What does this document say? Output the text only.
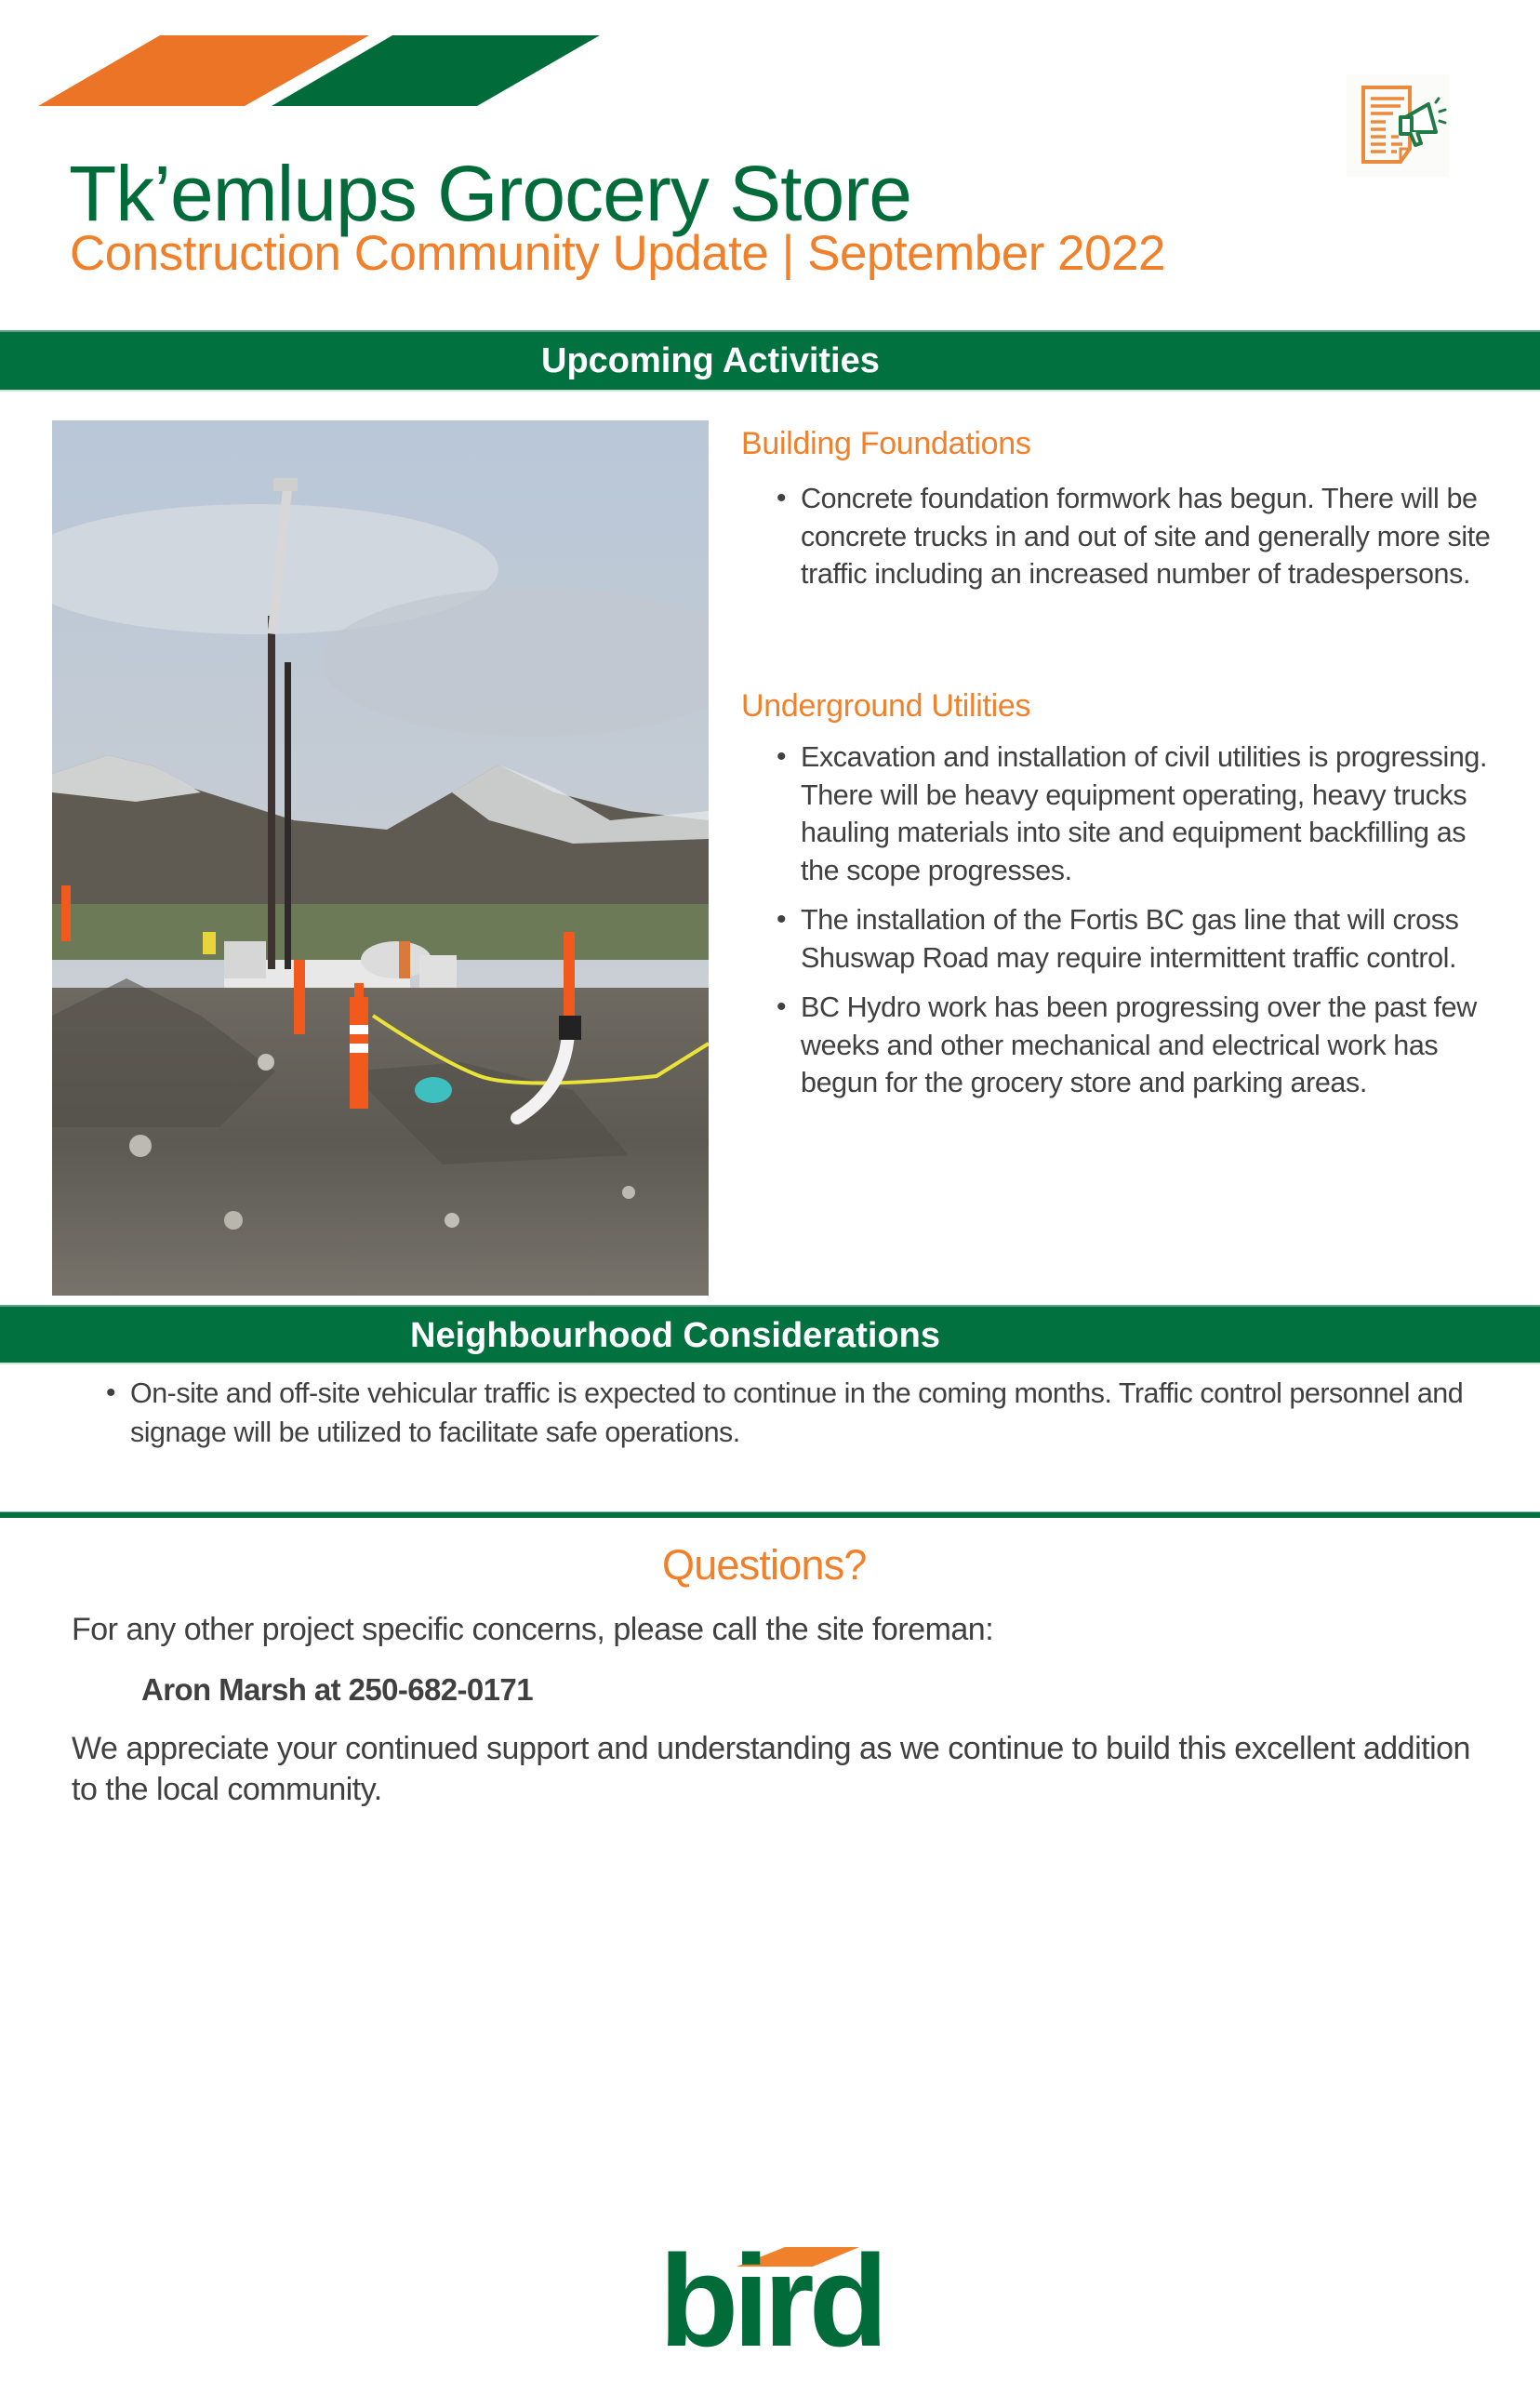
Tk’emlups Grocery Store
Construction Community Update | September 2022
Upcoming Activities
Building Foundations
• Concrete foundation formwork has begun. There will be concrete trucks in and out of site and generally more site traffic including an increased number of tradespersons.
Underground Utilities
• Excavation and installation of civil utilities is progressing. There will be heavy equipment operating, heavy trucks hauling materials into site and equipment backfilling as the scope progresses.
• The installation of the Fortis BC gas line that will cross Shuswap Road may require intermittent traffic control.
• BC Hydro work has been progressing over the past few weeks and other mechanical and electrical work has begun for the grocery store and parking areas.
Neighbourhood Considerations
• On-site and off-site vehicular traffic is expected to continue in the coming months. Traffic control personnel and signage will be utilized to facilitate safe operations.
Questions?
For any other project specific concerns, please call the site foreman:
Aron Marsh at 250-682-0171
We appreciate your continued support and understanding as we continue to build this excellent addition to the local community.
bird
